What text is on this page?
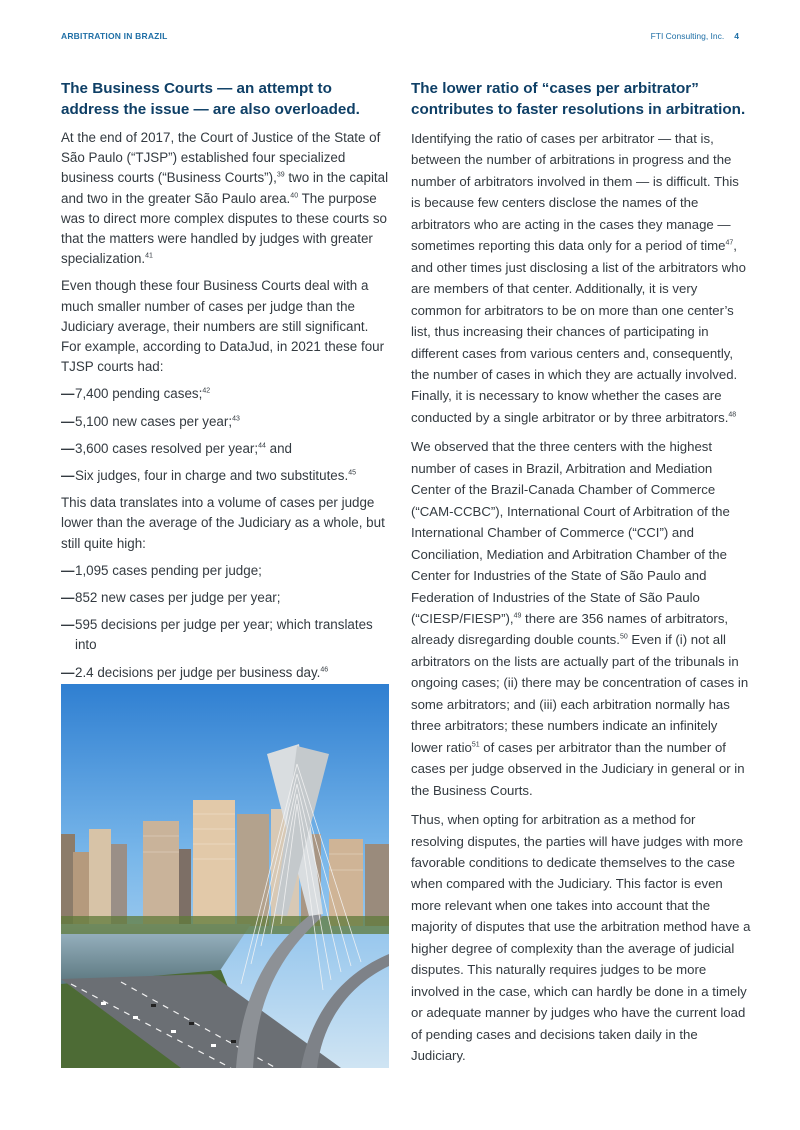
ARBITRATION IN BRAZIL	FTI Consulting, Inc. 4
The Business Courts — an attempt to address the issue — are also overloaded.

At the end of 2017, the Court of Justice of the State of São Paulo (“TJSP”) established four specialized business courts (“Business Courts”),$^{39}$ two in the capital and two in the greater São Paulo area.$^{40}$ The purpose was to direct more complex disputes to these courts so that the matters were handled by judges with greater specialization.$^{41}$

Even though these four Business Courts deal with a much smaller number of cases per judge than the Judiciary average, their numbers are still significant. For example, according to DataJud, in 2021 these four TJSP courts had:

— 7,400 pending cases;$^{42}$
— 5,100 new cases per year;$^{43}$
— 3,600 cases resolved per year;$^{44}$ and
— Six judges, four in charge and two substitutes.$^{45}$

This data translates into a volume of cases per judge lower than the average of the Judiciary as a whole, but still quite high:

— 1,095 cases pending per judge;
— 852 new cases per judge per year;
— 595 decisions per judge per year; which translates into
— 2.4 decisions per judge per business day.$^{46}$
The lower ratio of “cases per arbitrator” contributes to faster resolutions in arbitration.

Identifying the ratio of cases per arbitrator — that is, between the number of arbitrations in progress and the number of arbitrators involved in them — is difficult. This is because few centers disclose the names of the arbitrators who are acting in the cases they manage — sometimes reporting this data only for a period of time$^{47}$, and other times just disclosing a list of the arbitrators who are members of that center. Additionally, it is very common for arbitrators to be on more than one center’s list, thus increasing their chances of participating in different cases from various centers and, consequently, the number of cases in which they are actually involved. Finally, it is necessary to know whether the cases are conducted by a single arbitrator or by three arbitrators.$^{48}$

We observed that the three centers with the highest number of cases in Brazil, Arbitration and Mediation Center of the Brazil-Canada Chamber of Commerce (“CAM-CCBC”), International Court of Arbitration of the International Chamber of Commerce (“CCI”) and Conciliation, Mediation and Arbitration Chamber of the Center for Industries of the State of São Paulo and Federation of Industries of the State of São Paulo (“CIESP/FIESP”),$^{49}$ there are 356 names of arbitrators, already disregarding double counts.$^{50}$ Even if (i) not all arbitrators on the lists are actually part of the tribunals in ongoing cases; (ii) there may be concentration of cases in some arbitrators; and (iii) each arbitration normally has three arbitrators; these numbers indicate an infinitely lower ratio$^{51}$ of cases per arbitrator than the number of cases per judge observed in the Judiciary in general or in the Business Courts.

Thus, when opting for arbitration as a method for resolving disputes, the parties will have judges with more favorable conditions to dedicate themselves to the case when compared with the Judiciary. This factor is even more relevant when one takes into account that the majority of disputes that use the arbitration method have a higher degree of complexity than the average of judicial disputes. This naturally requires judges to be more involved in the case, which can hardly be done in a timely or adequate manner by judges who have the current load of pending cases and decisions taken daily in the Judiciary.
